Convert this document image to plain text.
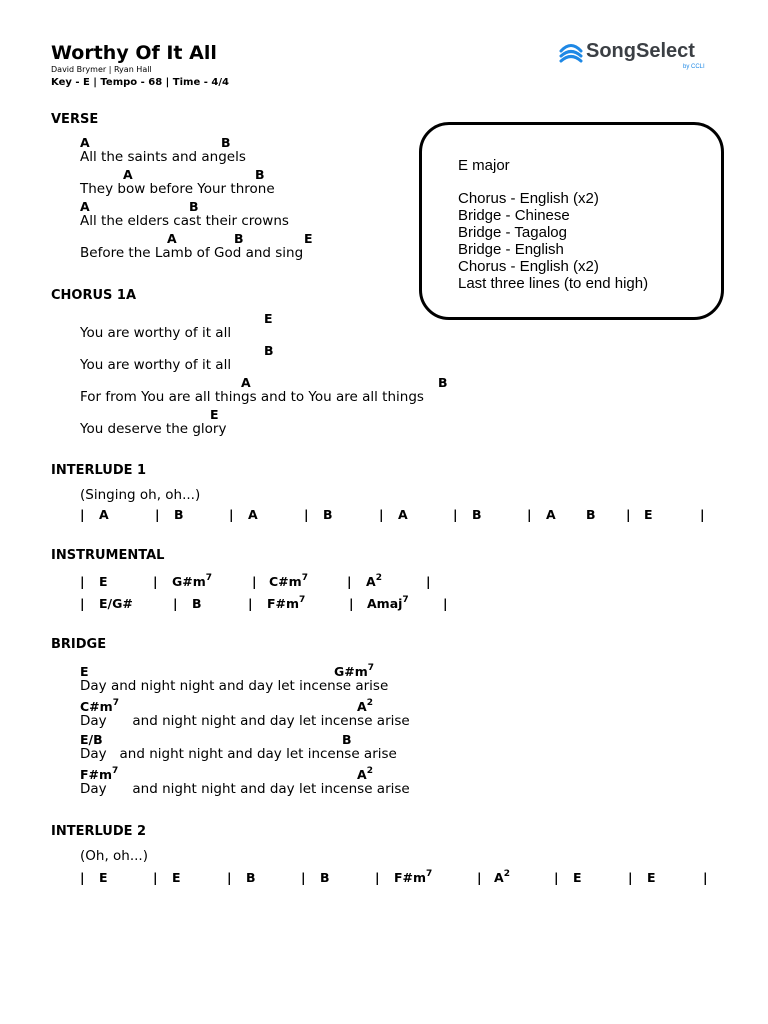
Worthy Of It All
David Brymer | Ryan Hall
Key - E | Tempo - 68 | Time - 4/4
SongSelect
by CCLI
E major
Chorus - English (x2)
Bridge - Chinese
Bridge - Tagalog
Bridge - English
Chorus - English (x2)
Last three lines (to end high)
VERSE
A	B
All the saints and angels
A	B
They bow before Your throne
A	B
All the elders cast their crowns
A	B	E
Before the Lamb of God and sing
CHORUS 1A
E
You are worthy of it all
B
You are worthy of it all
A	B
For from You are all things and to You are all things
E
You deserve the glory
INTERLUDE 1
(Singing oh, oh...)
| A	| B	| A	| B	| A	| B	| A B | E	|
INSTRUMENTAL
| E	| $G\#m^7$	| $C\#m^7$	| $A^2$	|
| E/G#	| B	| $F\#m^7$	| Amaj$^7$	|
BRIDGE
E	$G\#m^7$
Day and night night and day let incense arise
$C\#m^7$	$A^2$
Day      and night night and day let incense arise
E/B	B
Day   and night night and day let incense arise
$F\#m^7$	$A^2$
Day      and night night and day let incense arise
INTERLUDE 2
(Oh, oh...)
| E	| E	| B	| B	| $F\#m^7$	| $A^2$	| E	| E	|
